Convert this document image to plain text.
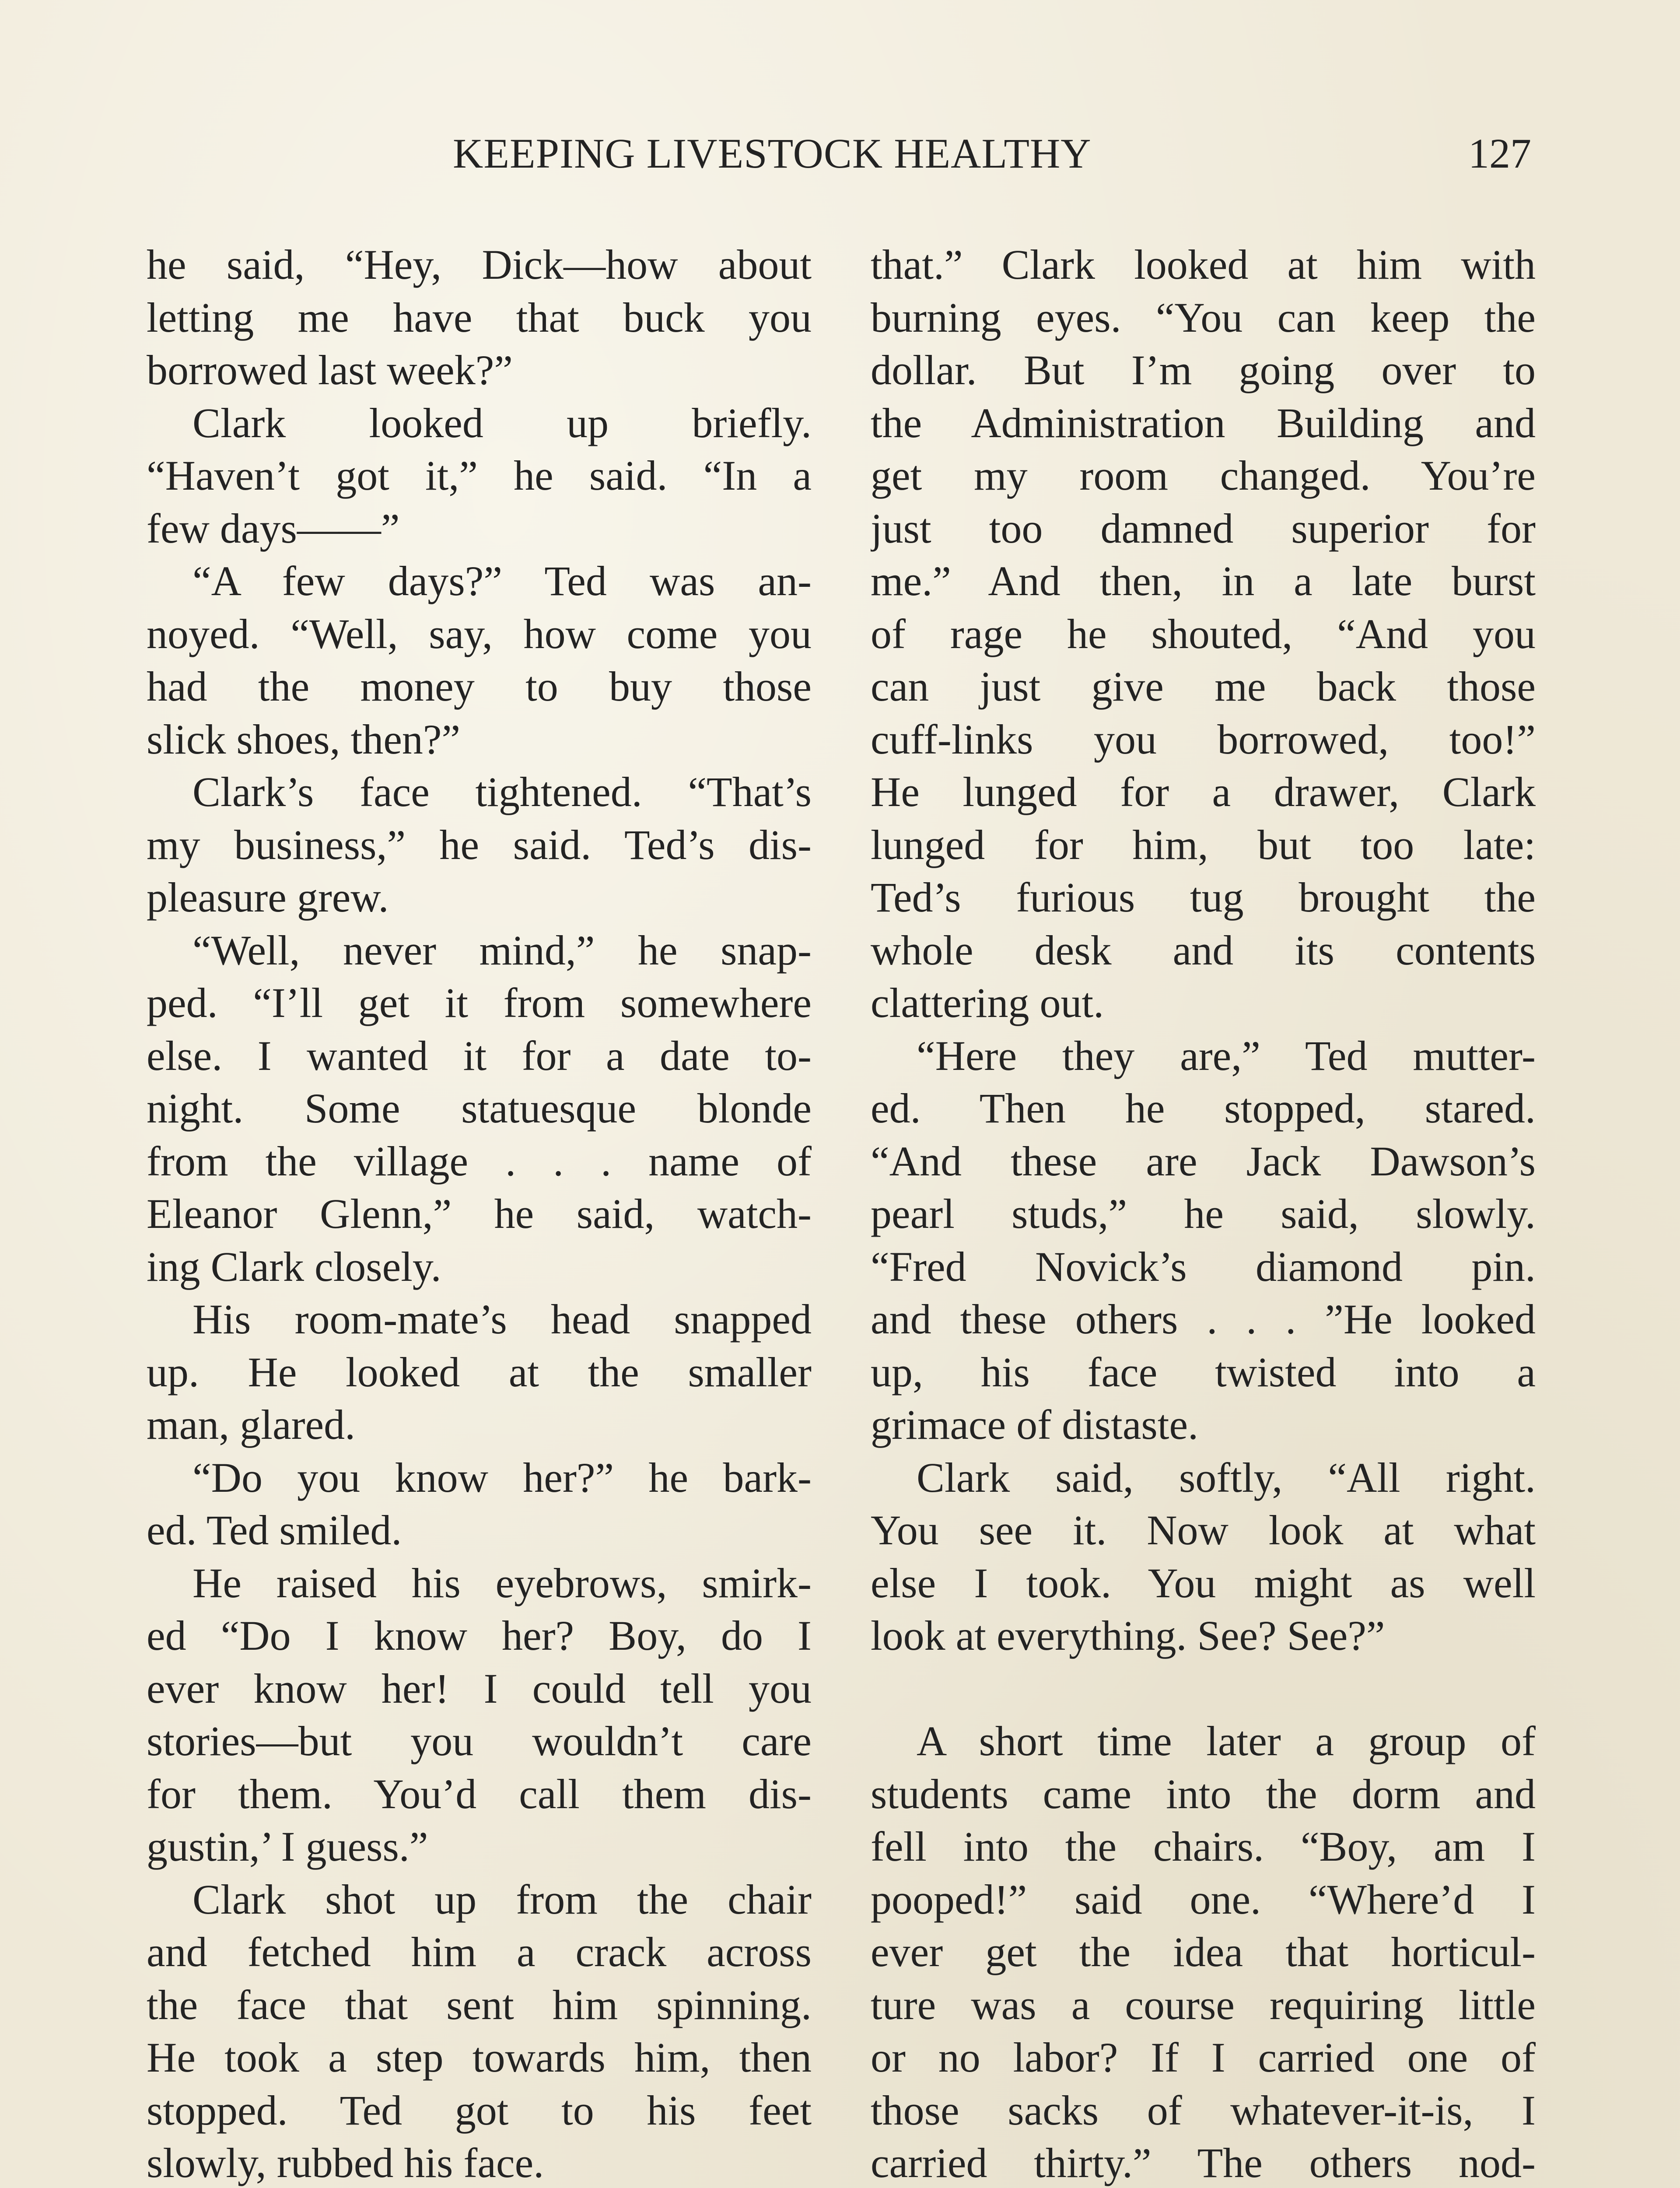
KEEPING LIVESTOCK HEALTHY	127

he said, “Hey, Dick—how about

letting me have that buck you

borrowed last week?”

Clark looked up briefly.

“Haven’t got it,” he said. “In a

few days——”

“A few days?” Ted was an-

noyed. “Well, say, how come you

had the money to buy those

slick shoes, then?”

Clark’s face tightened. “That’s

my business,” he said. Ted’s dis-

pleasure grew.

“Well, never mind,” he snap-

ped. “I’ll get it from somewhere

else. I wanted it for a date to-

night. Some statuesque blonde

from the village . . . name of

Eleanor Glenn,” he said, watch-

ing Clark closely.

His room-mate’s head snapped

up. He looked at the smaller

man, glared.

“Do you know her?” he bark-

ed. Ted smiled.

He raised his eyebrows, smirk-

ed “Do I know her? Boy, do I

ever know her! I could tell you

stories—but you wouldn’t care

for them. You’d call them dis-

gustin,’ I guess.”

Clark shot up from the chair

and fetched him a crack across

the face that sent him spinning.

He took a step towards him, then

stopped. Ted got to his feet

slowly, rubbed his face.

that.” Clark looked at him with

burning eyes. “You can keep the

dollar. But I’m going over to

the Administration Building and

get my room changed. You’re

just too damned superior for

me.” And then, in a late burst

of rage he shouted, “And you

can just give me back those

cuff-links you borrowed, too!”

He lunged for a drawer, Clark

lunged for him, but too late:

Ted’s furious tug brought the

whole desk and its contents

clattering out.

“Here they are,” Ted mutter-

ed. Then he stopped, stared.

“And these are Jack Dawson’s

pearl studs,” he said, slowly.

“Fred Novick’s diamond pin.

and these others . . . ”He looked

up, his face twisted into a

grimace of distaste.

Clark said, softly, “All right.

You see it. Now look at what

else I took. You might as well

look at everything. See? See?”

A short time later a group of

students came into the dorm and

fell into the chairs. “Boy, am I

pooped!” said one. “Where’d I

ever get the idea that horticul-

ture was a course requiring little

or no labor? If I carried one of

those sacks of whatever-it-is, I

carried thirty.” The others nod-
